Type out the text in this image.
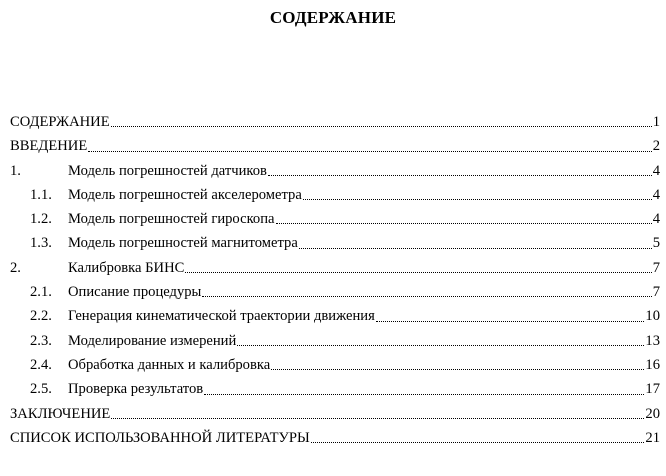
СОДЕРЖАНИЕ
СОДЕРЖАНИЕ	1
ВВЕДЕНИЕ	2
1.	Модель погрешностей датчиков	4
1.1.	Модель погрешностей акселерометра	4
1.2.	Модель погрешностей гироскопа	4
1.3.	Модель погрешностей магнитометра	5
2.	Калибровка БИНС	7
2.1.	Описание процедуры	7
2.2.	Генерация кинематической траектории движения	10
2.3.	Моделирование измерений	13
2.4.	Обработка данных и калибровка	16
2.5.	Проверка результатов	17
ЗАКЛЮЧЕНИЕ	20
СПИСОК ИСПОЛЬЗОВАННОЙ ЛИТЕРАТУРЫ	21
